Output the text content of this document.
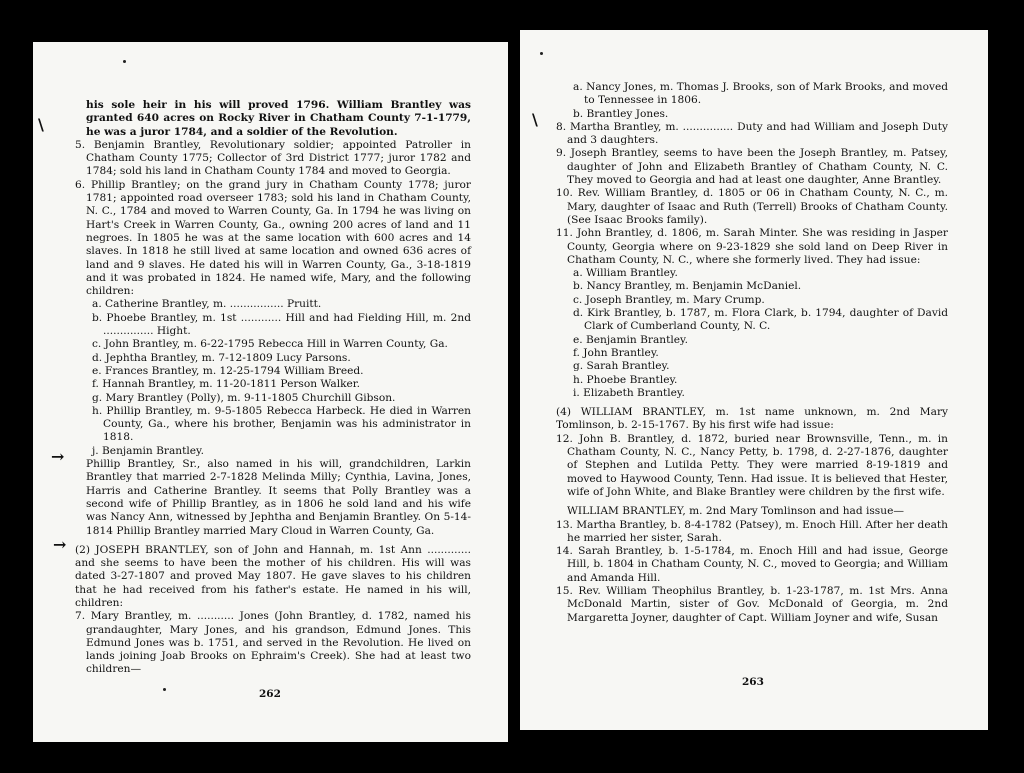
his sole heir in his will proved 1796. William Brantley was granted 640 acres on Rocky River in Chatham County 7-1-1779, he was a juror 1784, and a soldier of the Revolution.

5. Benjamin Brantley, Revolutionary soldier; appointed Patroller in Chatham County 1775; Collector of 3rd District 1777; juror 1782 and 1784; sold his land in Chatham County 1784 and moved to Georgia.

6. Phillip Brantley; on the grand jury in Chatham County 1778; juror 1781; appointed road overseer 1783; sold his land in Chatham County, N. C., 1784 and moved to Warren County, Ga. In 1794 he was living on Hart's Creek in Warren County, Ga., owning 200 acres of land and 11 negroes. In 1805 he was at the same location with 600 acres and 14 slaves. In 1818 he still lived at same location and owned 636 acres of land and 9 slaves. He dated his will in Warren County, Ga., 3-18-1819 and it was probated in 1824. He named wife, Mary, and the following children:

a. Catherine Brantley, m. ................ Pruitt.

b. Phoebe Brantley, m. 1st ............ Hill and had Fielding Hill, m. 2nd ............... Hight.

c. John Brantley, m. 6-22-1795 Rebecca Hill in Warren County, Ga.

d. Jephtha Brantley, m. 7-12-1809 Lucy Parsons.

e. Frances Brantley, m. 12-25-1794 William Breed.

f. Hannah Brantley, m. 11-20-1811 Person Walker.

g. Mary Brantley (Polly), m. 9-11-1805 Churchill Gibson.

h. Phillip Brantley, m. 9-5-1805 Rebecca Harbeck. He died in Warren County, Ga., where his brother, Benjamin was his administrator in 1818.

j. Benjamin Brantley.

Phillip Brantley, Sr., also named in his will, grandchildren, Larkin Brantley that married 2-7-1828 Melinda Milly; Cynthia, Lavina, Jones, Harris and Catherine Brantley. It seems that Polly Brantley was a second wife of Phillip Brantley, as in 1806 he sold land and his wife was Nancy Ann, witnessed by Jephtha and Benjamin Brantley. On 5-14-1814 Phillip Brantley married Mary Cloud in Warren County, Ga.

(2) JOSEPH BRANTLEY, son of John and Hannah, m. 1st Ann ............. and she seems to have been the mother of his children. His will was dated 3-27-1807 and proved May 1807. He gave slaves to his children that he had received from his father's estate. He named in his will, children:

7. Mary Brantley, m. ........... Jones (John Brantley, d. 1782, named his grandaughter, Mary Jones, and his grandson, Edmund Jones. This Edmund Jones was b. 1751, and served in the Revolution. He lived on lands joining Joab Brooks on Ephraim's Creek). She had at least two children—

262
\
→
→

a. Nancy Jones, m. Thomas J. Brooks, son of Mark Brooks, and moved to Tennessee in 1806.

b. Brantley Jones.

8. Martha Brantley, m. ............... Duty and had William and Joseph Duty and 3 daughters.

9. Joseph Brantley, seems to have been the Joseph Brantley, m. Patsey, daughter of John and Elizabeth Brantley of Chatham County, N. C. They moved to Georgia and had at least one daughter, Anne Brantley.

10. Rev. William Brantley, d. 1805 or 06 in Chatham County, N. C., m. Mary, daughter of Isaac and Ruth (Terrell) Brooks of Chatham County. (See Isaac Brooks family).

11. John Brantley, d. 1806, m. Sarah Minter. She was residing in Jasper County, Georgia where on 9-23-1829 she sold land on Deep River in Chatham County, N. C., where she formerly lived. They had issue:

a. William Brantley.

b. Nancy Brantley, m. Benjamin McDaniel.

c. Joseph Brantley, m. Mary Crump.

d. Kirk Brantley, b. 1787, m. Flora Clark, b. 1794, daughter of David Clark of Cumberland County, N. C.

e. Benjamin Brantley.

f. John Brantley.

g. Sarah Brantley.

h. Phoebe Brantley.

i. Elizabeth Brantley.

(4) WILLIAM BRANTLEY, m. 1st name unknown, m. 2nd Mary Tomlinson, b. 2-15-1767. By his first wife had issue:

12. John B. Brantley, d. 1872, buried near Brownsville, Tenn., m. in Chatham County, N. C., Nancy Petty, b. 1798, d. 2-27-1876, daughter of Stephen and Lutilda Petty. They were married 8-19-1819 and moved to Haywood County, Tenn. Had issue. It is believed that Hester, wife of John White, and Blake Brantley were children by the first wife.

WILLIAM BRANTLEY, m. 2nd Mary Tomlinson and had issue—

13. Martha Brantley, b. 8-4-1782 (Patsey), m. Enoch Hill. After her death he married her sister, Sarah.

14. Sarah Brantley, b. 1-5-1784, m. Enoch Hill and had issue, George Hill, b. 1804 in Chatham County, N. C., moved to Georgia; and William and Amanda Hill.

15. Rev. William Theophilus Brantley, b. 1-23-1787, m. 1st Mrs. Anna McDonald Martin, sister of Gov. McDonald of Georgia, m. 2nd Margaretta Joyner, daughter of Capt. William Joyner and wife, Susan

263
\
